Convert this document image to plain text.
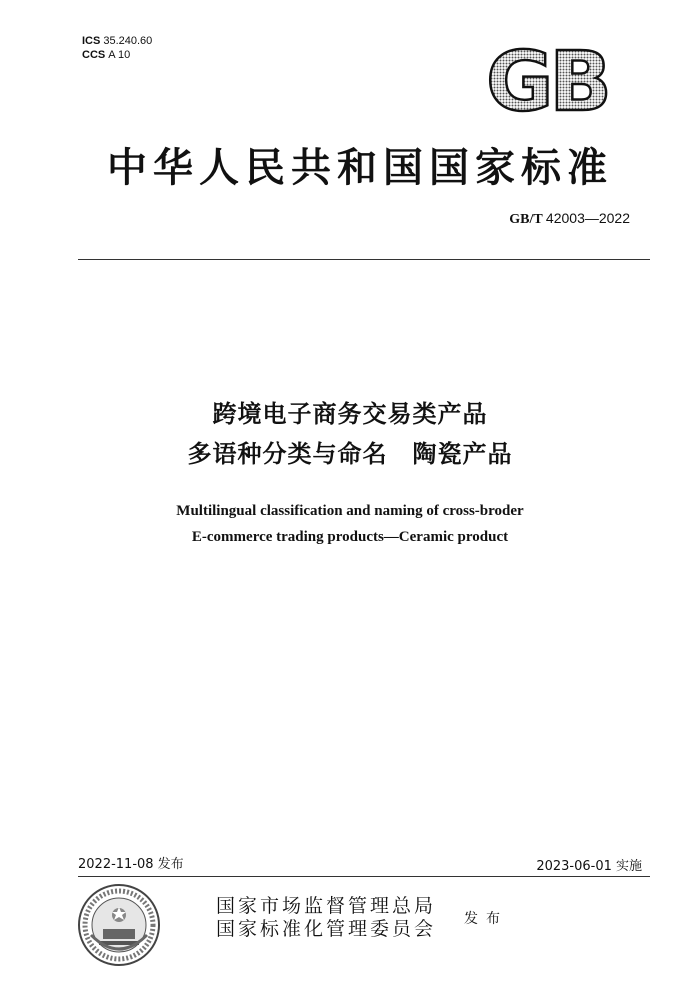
ICS 35.240.60
CCS A 10	GB
中华人民共和国国家标准
GB/T 42003—2022
跨境电子商务交易类产品
多语种分类与命名　陶瓷产品
Multilingual classification and naming of cross-broder
E-commerce trading products—Ceramic product
2022-11-08 发布	2023-06-01 实施
国家市场监督管理总局
国家标准化管理委员会 发布
